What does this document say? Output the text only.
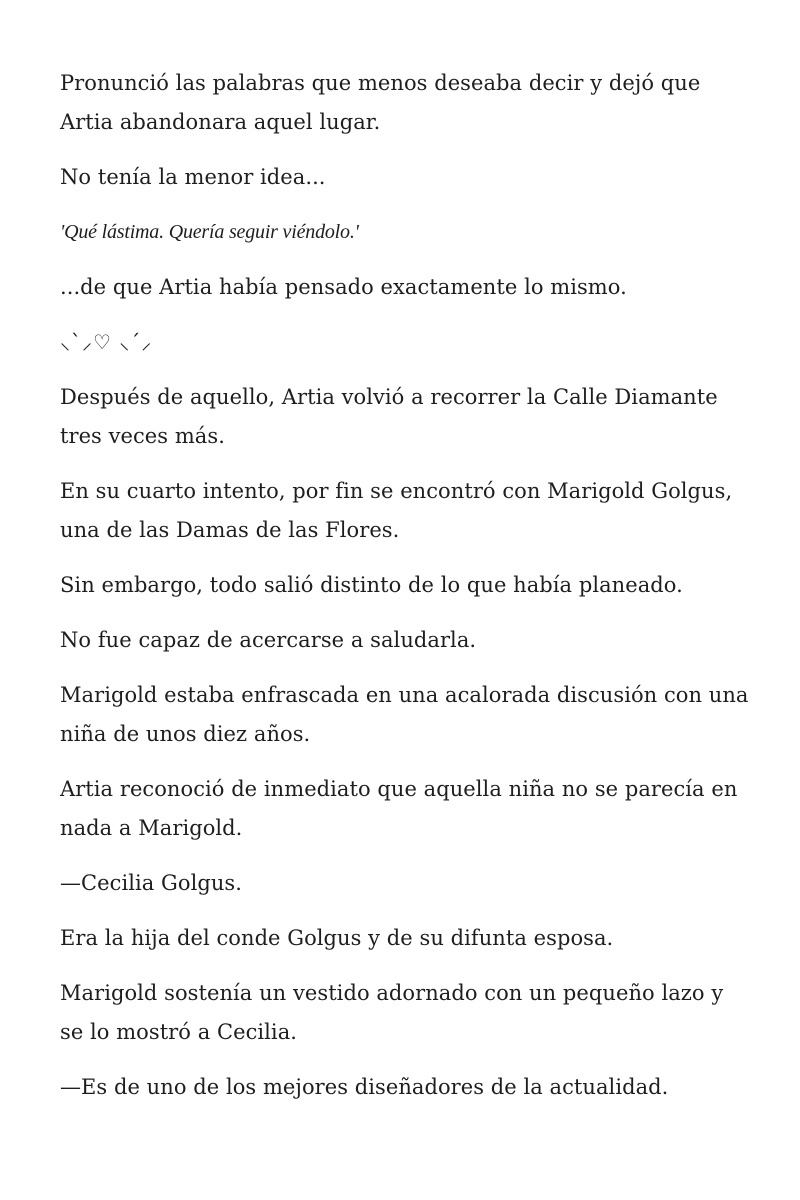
Pronunció las palabras que menos deseaba decir y dejó que Artia abandonara aquel lugar.

No tenía la menor idea...

'Qué lástima. Quería seguir viéndolo.'

...de que Artia había pensado exactamente lo mismo.

⸜`⸝♡ ⸜´⸝

Después de aquello, Artia volvió a recorrer la Calle Diamante tres veces más.

En su cuarto intento, por fin se encontró con Marigold Golgus, una de las Damas de las Flores.

Sin embargo, todo salió distinto de lo que había planeado.

No fue capaz de acercarse a saludarla.

Marigold estaba enfrascada en una acalorada discusión con una niña de unos diez años.

Artia reconoció de inmediato que aquella niña no se parecía en nada a Marigold.

—Cecilia Golgus.

Era la hija del conde Golgus y de su difunta esposa.

Marigold sostenía un vestido adornado con un pequeño lazo y se lo mostró a Cecilia.

—Es de uno de los mejores diseñadores de la actualidad.
